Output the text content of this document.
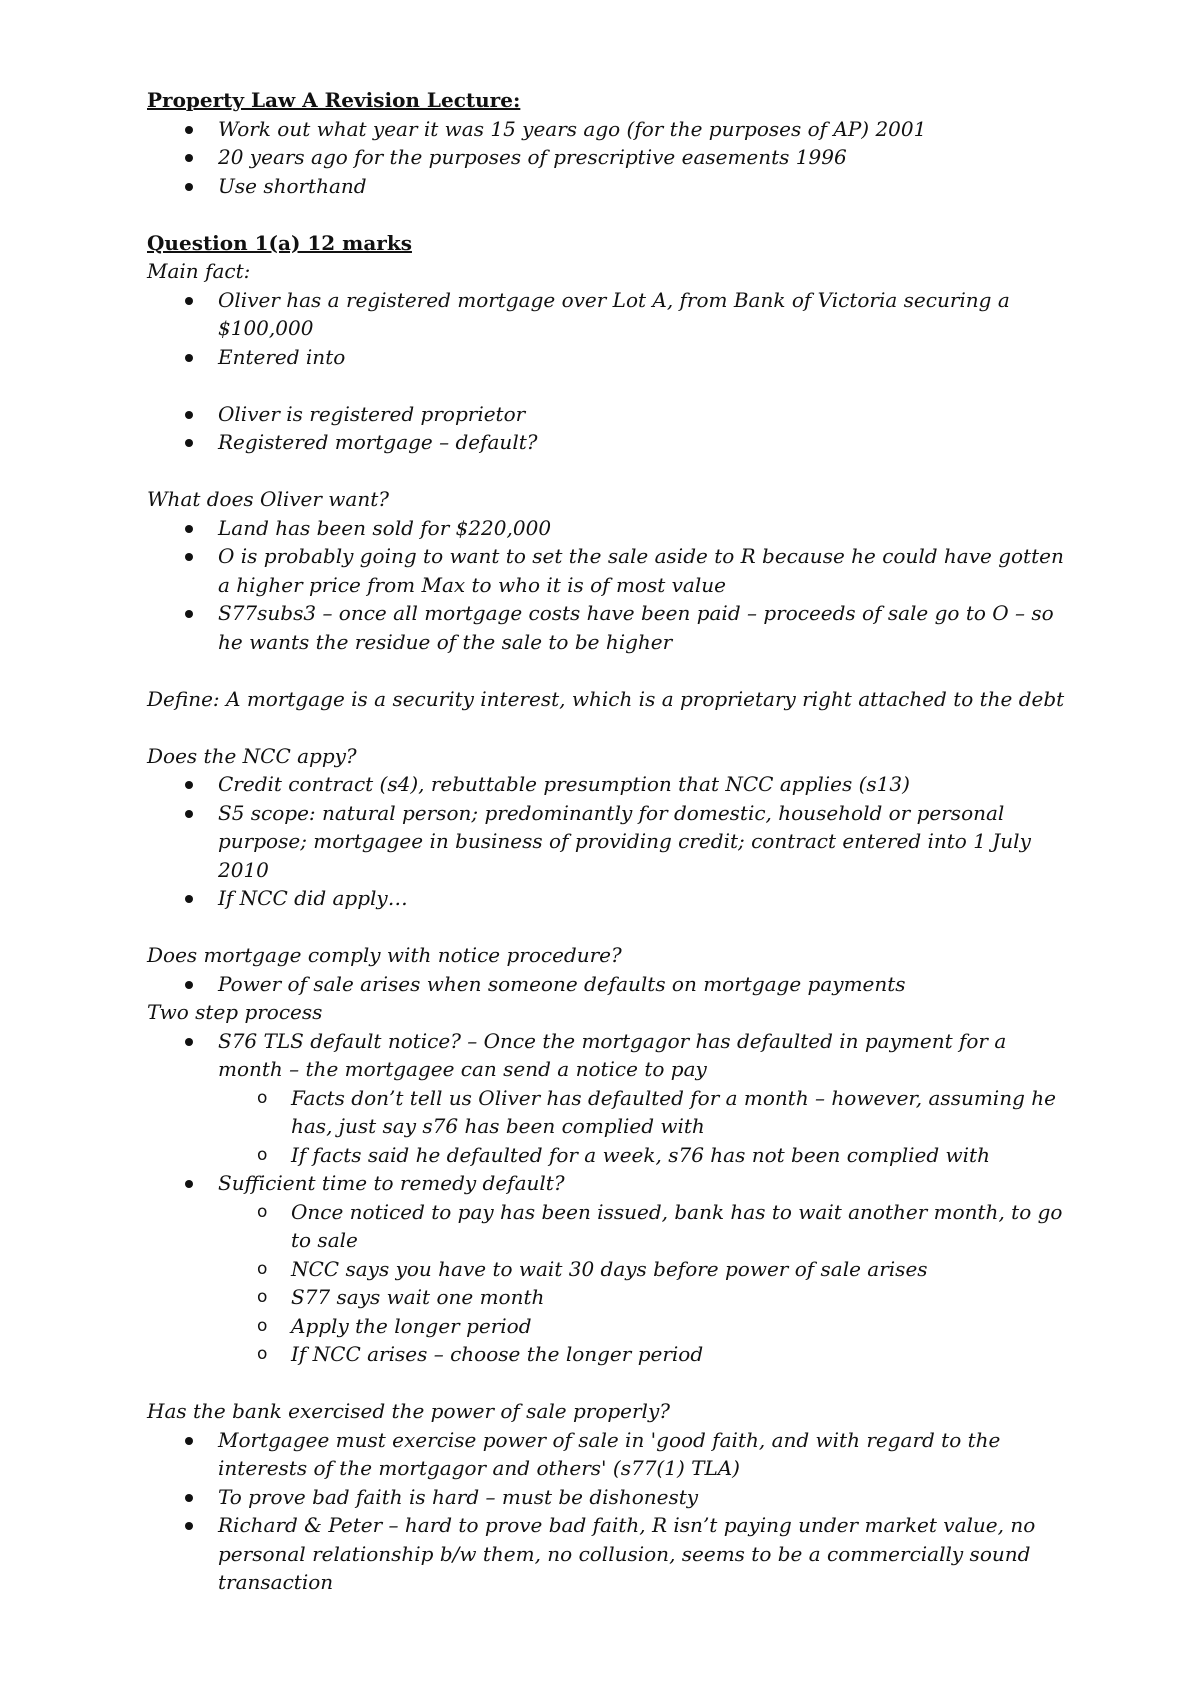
Property Law A Revision Lecture:
Work out what year it was 15 years ago (for the purposes of AP) 2001
20 years ago for the purposes of prescriptive easements 1996
Use shorthand
Question 1(a) 12 marks
Main fact:
Oliver has a registered mortgage over Lot A, from Bank of Victoria securing a $100,000
Entered into
Oliver is registered proprietor
Registered mortgage – default?
What does Oliver want?
Land has been sold for $220,000
O is probably going to want to set the sale aside to R because he could have gotten a higher price from Max to who it is of most value
S77subs3 – once all mortgage costs have been paid – proceeds of sale go to O – so he wants the residue of the sale to be higher
Define: A mortgage is a security interest, which is a proprietary right attached to the debt
Does the NCC appy?
Credit contract (s4), rebuttable presumption that NCC applies (s13)
S5 scope: natural person; predominantly for domestic, household or personal purpose; mortgagee in business of providing credit; contract entered into 1 July 2010
If NCC did apply…
Does mortgage comply with notice procedure?
Power of sale arises when someone defaults on mortgage payments
Two step process
S76 TLS default notice? – Once the mortgagor has defaulted in payment for a month – the mortgagee can send a notice to pay
o Facts don’t tell us Oliver has defaulted for a month – however, assuming he has, just say s76 has been complied with
o If facts said he defaulted for a week, s76 has not been complied with
Sufficient time to remedy default?
o Once noticed to pay has been issued, bank has to wait another month, to go to sale
o NCC says you have to wait 30 days before power of sale arises
o S77 says wait one month
o Apply the longer period
o If NCC arises – choose the longer period
Has the bank exercised the power of sale properly?
Mortgagee must exercise power of sale in 'good faith, and with regard to the interests of the mortgagor and others' (s77(1) TLA)
To prove bad faith is hard – must be dishonesty
Richard & Peter – hard to prove bad faith, R isn’t paying under market value, no personal relationship b/w them, no collusion, seems to be a commercially sound transaction
